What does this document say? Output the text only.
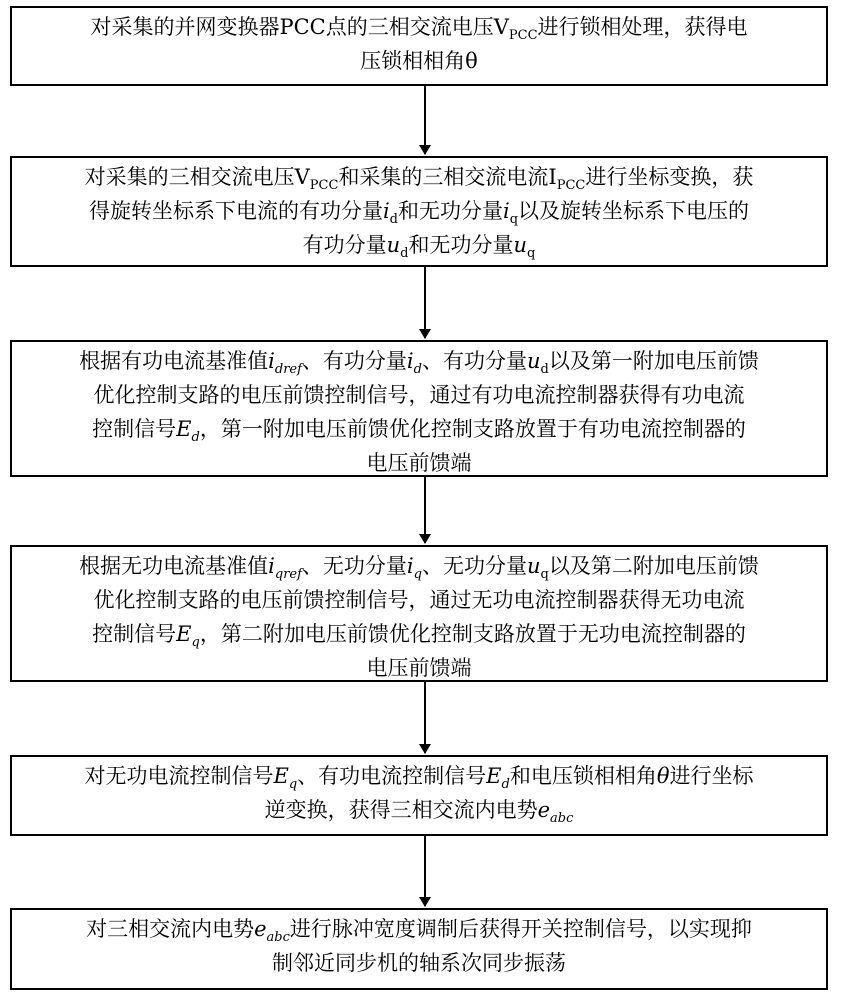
对采集的并网变换器PCC点的三相交流电压$V_{PCC}$进行锁相处理，获得电

压锁相相角θ

对采集的三相交流电压$V_{PCC}$和采集的三相交流电流$I_{PCC}$进行坐标变换，获

得旋转坐标系下电流的有功分量$i_d$和无功分量$i_q$以及旋转坐标系下电压的

有功分量$u_d$和无功分量$u_q$

根据有功电流基准值$i_{dref}$、有功分量$i_d$、有功分量$u_d$以及第一附加电压前馈

优化控制支路的电压前馈控制信号，通过有功电流控制器获得有功电流

控制信号$E_d$，第一附加电压前馈优化控制支路放置于有功电流控制器的

电压前馈端

根据无功电流基准值$i_{qref}$、无功分量$i_q$、无功分量$u_q$以及第二附加电压前馈

优化控制支路的电压前馈控制信号，通过无功电流控制器获得无功电流

控制信号$E_q$，第二附加电压前馈优化控制支路放置于无功电流控制器的

电压前馈端

对无功电流控制信号$E_q$、有功电流控制信号$E_d$和电压锁相相角θ进行坐标

逆变换，获得三相交流内电势$e_{abc}$

对三相交流内电势$e_{abc}$进行脉冲宽度调制后获得开关控制信号，以实现抑

制邻近同步机的轴系次同步振荡
